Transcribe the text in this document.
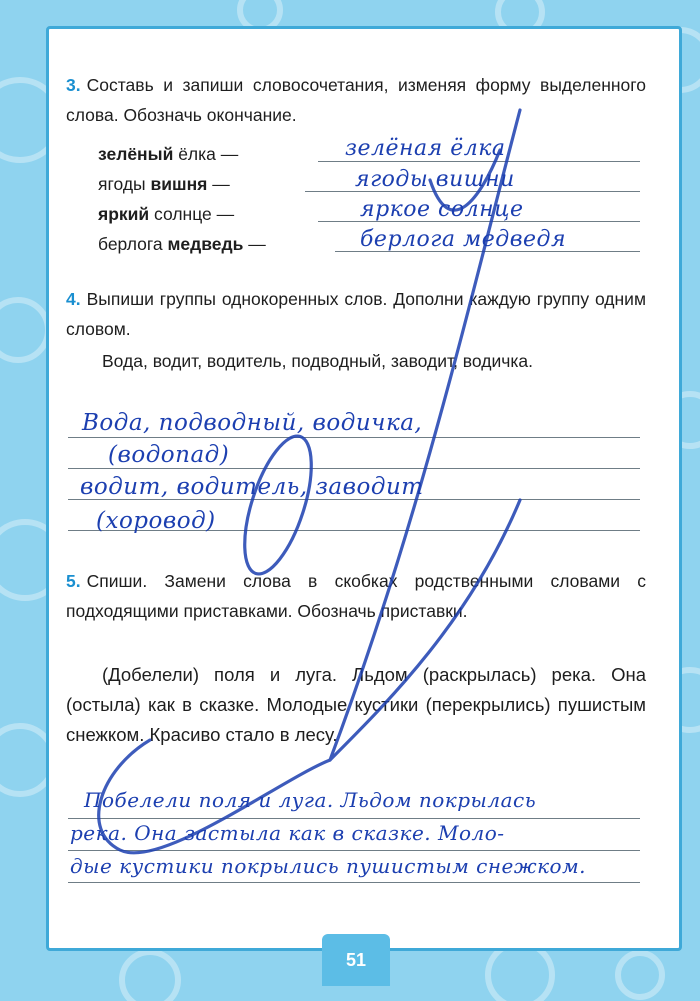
3. Составь и запиши словосочетания, изменяя форму выделенного слова. Обозначь окончание.
зелёный ёлка —
ягоды вишня —
яркий солнце —
берлога медведь —
зелёная ёлка
ягоды вишни
яркое солнце
берлога медведя
4. Выпиши группы однокоренных слов. Дополни каждую группу одним словом.
Вода, водит, водитель, подводный, заводит, водичка.
Вода, подводный, водичка,
(водопад)
водит, водитель, заводит
(хоровод)
5. Спиши. Замени слова в скобках родственными словами с подходящими приставками. Обозначь приставки.
(Добелели) поля и луга. Льдом (раскрылась) река. Она (остыла) как в сказке. Молодые кустики (перекрылись) пушистым снежком. Красиво стало в лесу.
Побелели поля и луга. Льдом покрылась
река. Она застыла как в сказке. Моло-
дые кустики покрылись пушистым снежком.
51
